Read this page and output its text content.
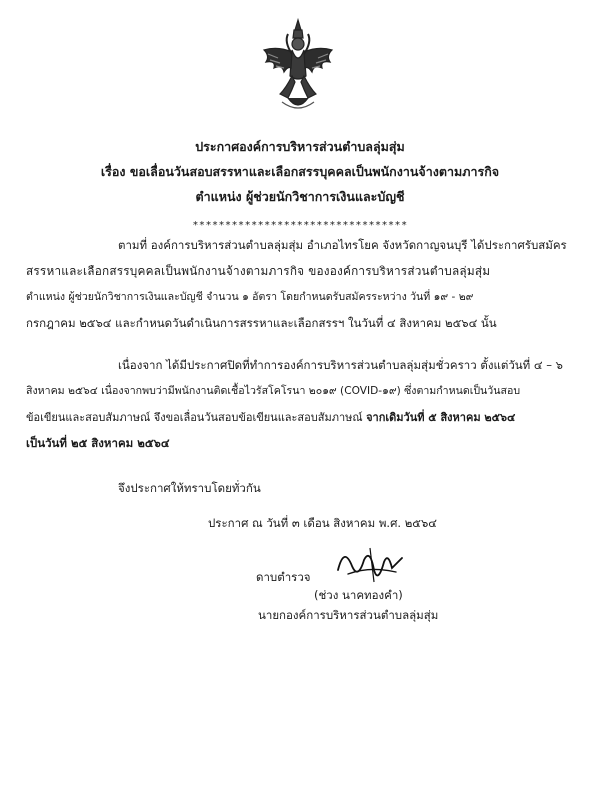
ประกาศองค์การบริหารส่วนตำบลลุ่มสุ่ม
เรื่อง ขอเลื่อนวันสอบสรรหาและเลือกสรรบุคคลเป็นพนักงานจ้างตามภารกิจ
ตำแหน่ง ผู้ช่วยนักวิชาการเงินและบัญชี
*********************************
ตามที่ องค์การบริหารส่วนตำบลลุ่มสุ่ม อำเภอไทรโยค จังหวัดกาญจนบุรี ได้ประกาศรับสมัคร
สรรหาและเลือกสรรบุคคลเป็นพนักงานจ้างตามภารกิจ ขององค์การบริหารส่วนตำบลลุ่มสุ่ม
ตำแหน่ง ผู้ช่วยนักวิชาการเงินและบัญชี จำนวน ๑ อัตรา โดยกำหนดรับสมัครระหว่าง วันที่ ๑๙ - ๒๙
กรกฎาคม ๒๕๖๔ และกำหนดวันดำเนินการสรรหาและเลือกสรรฯ ในวันที่ ๔ สิงหาคม ๒๕๖๔ นั้น
เนื่องจาก ได้มีประกาศปิดที่ทำการองค์การบริหารส่วนตำบลลุ่มสุ่มชั่วคราว ตั้งแต่วันที่ ๔ – ๖
สิงหาคม ๒๕๖๔ เนื่องจากพบว่ามีพนักงานติดเชื้อไวรัสโคโรนา ๒๐๑๙ (COVID-๑๙) ซึ่งตามกำหนดเป็นวันสอบ
ข้อเขียนและสอบสัมภาษณ์ จึงขอเลื่อนวันสอบข้อเขียนและสอบสัมภาษณ์ จากเดิมวันที่ ๕ สิงหาคม ๒๕๖๔
เป็นวันที่ ๒๕ สิงหาคม ๒๕๖๔
จึงประกาศให้ทราบโดยทั่วกัน
ประกาศ ณ วันที่ ๓ เดือน สิงหาคม พ.ศ. ๒๕๖๔
ดาบตำรวจ
(ช่วง นาคทองคำ)
นายกองค์การบริหารส่วนตำบลลุ่มสุ่ม
